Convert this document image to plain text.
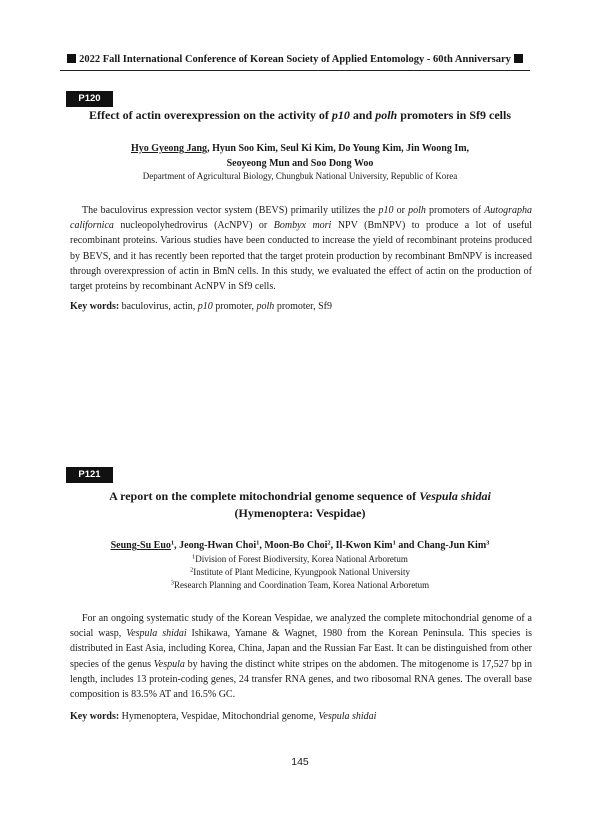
2022 Fall International Conference of Korean Society of Applied Entomology - 60th Anniversary
P120
Effect of actin overexpression on the activity of p10 and polh promoters in Sf9 cells
Hyo Gyeong Jang, Hyun Soo Kim, Seul Ki Kim, Do Young Kim, Jin Woong Im,
Seoyeong Mun and Soo Dong Woo
Department of Agricultural Biology, Chungbuk National University, Republic of Korea

The baculovirus expression vector system (BEVS) primarily utilizes the p10 or polh promoters of Autographa californica nucleopolyhedrovirus (AcNPV) or Bombyx mori NPV (BmNPV) to produce a lot of useful recombinant proteins. Various studies have been conducted to increase the yield of recombinant proteins produced by BEVS, and it has recently been reported that the target protein production by recombinant BmNPV is increased through overexpression of actin in BmN cells. In this study, we evaluated the effect of actin on the production of target proteins by recombinant AcNPV in Sf9 cells.

Key words: baculovirus, actin, p10 promoter, polh promoter, Sf9
P121
A report on the complete mitochondrial genome sequence of Vespula shidai
(Hymenoptera: Vespidae)
Seung-Su Euo$^1$, Jeong-Hwan Choi$^1$, Moon-Bo Choi$^2$, Il-Kwon Kim$^1$ and Chang-Jun Kim$^3$
$^1$Division of Forest Biodiversity, Korea National Arboretum
$^2$Institute of Plant Medicine, Kyungpook National University
$^3$Research Planning and Coordination Team, Korea National Arboretum

For an ongoing systematic study of the Korean Vespidae, we analyzed the complete mitochondrial genome of a social wasp, Vespula shidai Ishikawa, Yamane & Wagnet, 1980 from the Korean Peninsula. This species is distributed in East Asia, including Korea, China, Japan and the Russian Far East. It can be distinguished from other species of the genus Vespula by having the distinct white stripes on the abdomen. The mitogenome is 17,527 bp in length, includes 13 protein-coding genes, 24 transfer RNA genes, and two ribosomal RNA genes. The overall base composition is 83.5% AT and 16.5% GC.

Key words: Hymenoptera, Vespidae, Mitochondrial genome, Vespula shidai
145
